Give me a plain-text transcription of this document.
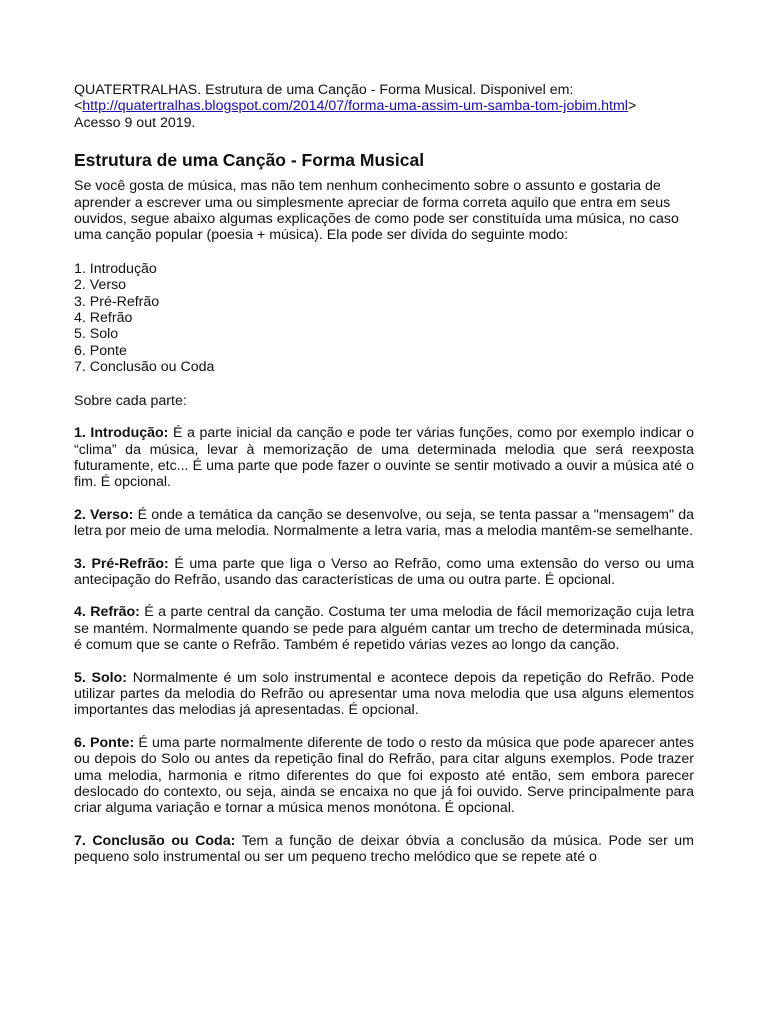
QUATERTRALHAS. Estrutura de uma Canção - Forma Musical. Disponivel em:

<http://quatertralhas.blogspot.com/2014/07/forma-uma-assim-um-samba-tom-jobim.html>

Acesso 9 out 2019.

Estrutura de uma Canção - Forma Musical

Se você gosta de música, mas não tem nenhum conhecimento sobre o assunto e gostaria de aprender a escrever uma ou simplesmente apreciar de forma correta aquilo que entra em seus ouvidos, segue abaixo algumas explicações de como pode ser constituída uma música, no caso uma canção popular (poesia + música). Ela pode ser divida do seguinte modo:

1. Introdução
2. Verso
3. Pré-Refrão
4. Refrão
5. Solo
6. Ponte
7. Conclusão ou Coda

Sobre cada parte:

1. Introdução: É a parte inicial da canção e pode ter várias funções, como por exemplo indicar o “clima” da música, levar à memorização de uma determinada melodia que será reexposta futuramente, etc... É uma parte que pode fazer o ouvinte se sentir motivado a ouvir a música até o fim. É opcional.

2. Verso: É onde a temática da canção se desenvolve, ou seja, se tenta passar a "mensagem" da letra por meio de uma melodia. Normalmente a letra varia, mas a melodia mantêm-se semelhante.

3. Pré-Refrão: É uma parte que liga o Verso ao Refrão, como uma extensão do verso ou uma antecipação do Refrão, usando das características de uma ou outra parte. É opcional.

4. Refrão: É a parte central da canção. Costuma ter uma melodia de fácil memorização cuja letra se mantém. Normalmente quando se pede para alguém cantar um trecho de determinada música, é comum que se cante o Refrão. Também é repetido várias vezes ao longo da canção.

5. Solo: Normalmente é um solo instrumental e acontece depois da repetição do Refrão. Pode utilizar partes da melodia do Refrão ou apresentar uma nova melodia que usa alguns elementos importantes das melodias já apresentadas. É opcional.

6. Ponte: É uma parte normalmente diferente de todo o resto da música que pode aparecer antes ou depois do Solo ou antes da repetição final do Refrão, para citar alguns exemplos. Pode trazer uma melodia, harmonia e ritmo diferentes do que foi exposto até então, sem embora parecer deslocado do contexto, ou seja, ainda se encaixa no que já foi ouvido. Serve principalmente para criar alguma variação e tornar a música menos monótona. É opcional.

7. Conclusão ou Coda: Tem a função de deixar óbvia a conclusão da música. Pode ser um pequeno solo instrumental ou ser um pequeno trecho melódico que se repete até o
